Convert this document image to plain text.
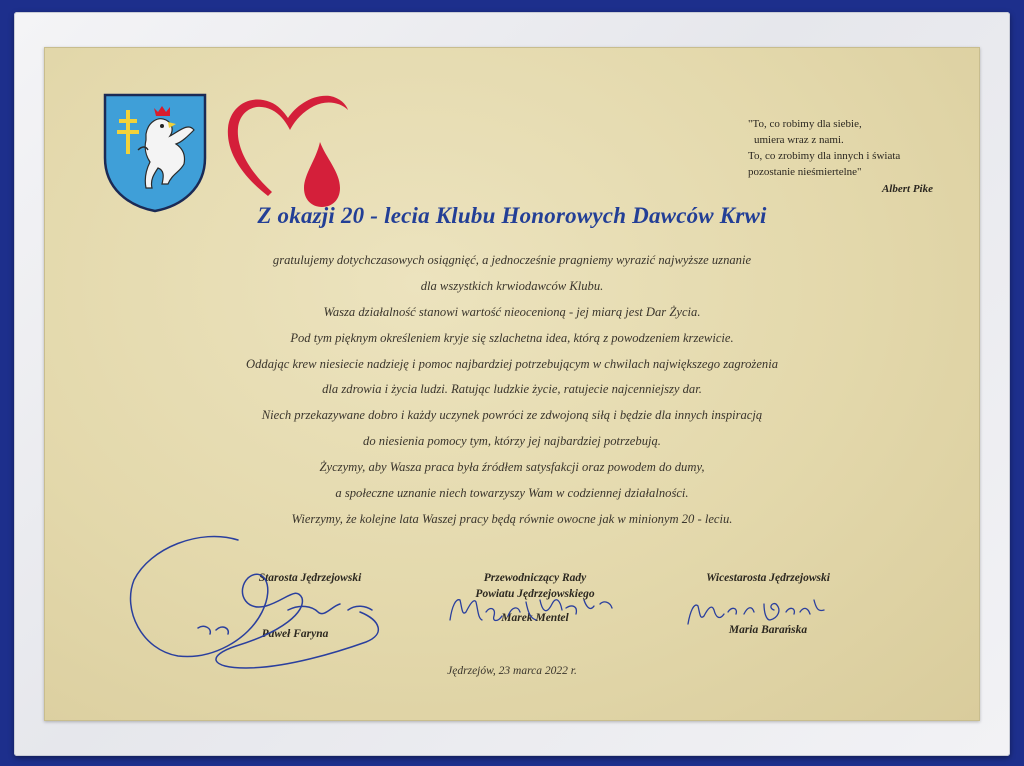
"To, co robimy dla siebie,
umiera wraz z nami.
To, co zrobimy dla innych i świata
pozostanie nieśmiertelne"
Albert Pike
Z okazji 20 - lecia Klubu Honorowych Dawców Krwi
gratulujemy dotychczasowych osiągnięć, a jednocześnie pragniemy wyrazić najwyższe uznanie
dla wszystkich krwiodawców Klubu.
Wasza działalność stanowi wartość nieocenioną - jej miarą jest Dar Życia.
Pod tym pięknym określeniem kryje się szlachetna idea, którą z powodzeniem krzewicie.
Oddając krew niesiecie nadzieję i pomoc najbardziej potrzebującym w chwilach największego zagrożenia
dla zdrowia i życia ludzi. Ratując ludzkie życie, ratujecie najcenniejszy dar.
Niech przekazywane dobro i każdy uczynek powróci ze zdwojoną siłą i będzie dla innych inspiracją
do niesienia pomocy tym, którzy jej najbardziej potrzebują.
Życzymy, aby Wasza praca była źródłem satysfakcji oraz powodem do dumy,
a społeczne uznanie niech towarzyszy Wam w codziennej działalności.
Wierzymy, że kolejne lata Waszej pracy będą równie owocne jak w minionym 20 - leciu.
Starosta Jędrzejowski
Paweł Faryna
Przewodniczący Rady
Powiatu Jędrzejowskiego
Marek Mentel
Wicestarosta Jędrzejowski
Maria Barańska
Jędrzejów, 23 marca 2022 r.
